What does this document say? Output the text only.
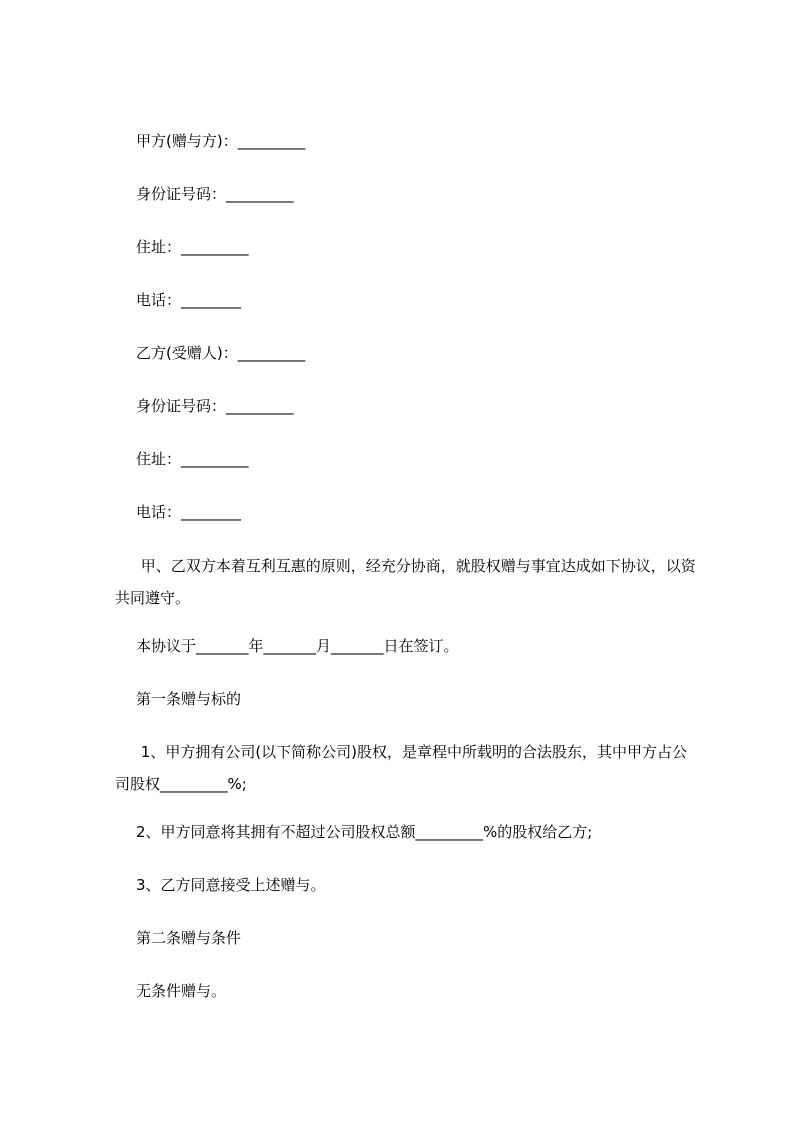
甲方(赠与方)：_________

身份证号码：_________

住址：_________

电话：________

乙方(受赠人)：_________

身份证号码：_________

住址：_________

电话：________

甲、乙双方本着互利互惠的原则，经充分协商，就股权赠与事宜达成如下协议，以资共同遵守。

本协议于_______年_______月_______日在签订。

第一条赠与标的

1、甲方拥有公司(以下简称公司)股权，是章程中所载明的合法股东，其中甲方占公司股权_________%;

2、甲方同意将其拥有不超过公司股权总额_________%的股权给乙方;

3、乙方同意接受上述赠与。

第二条赠与条件

无条件赠与。
